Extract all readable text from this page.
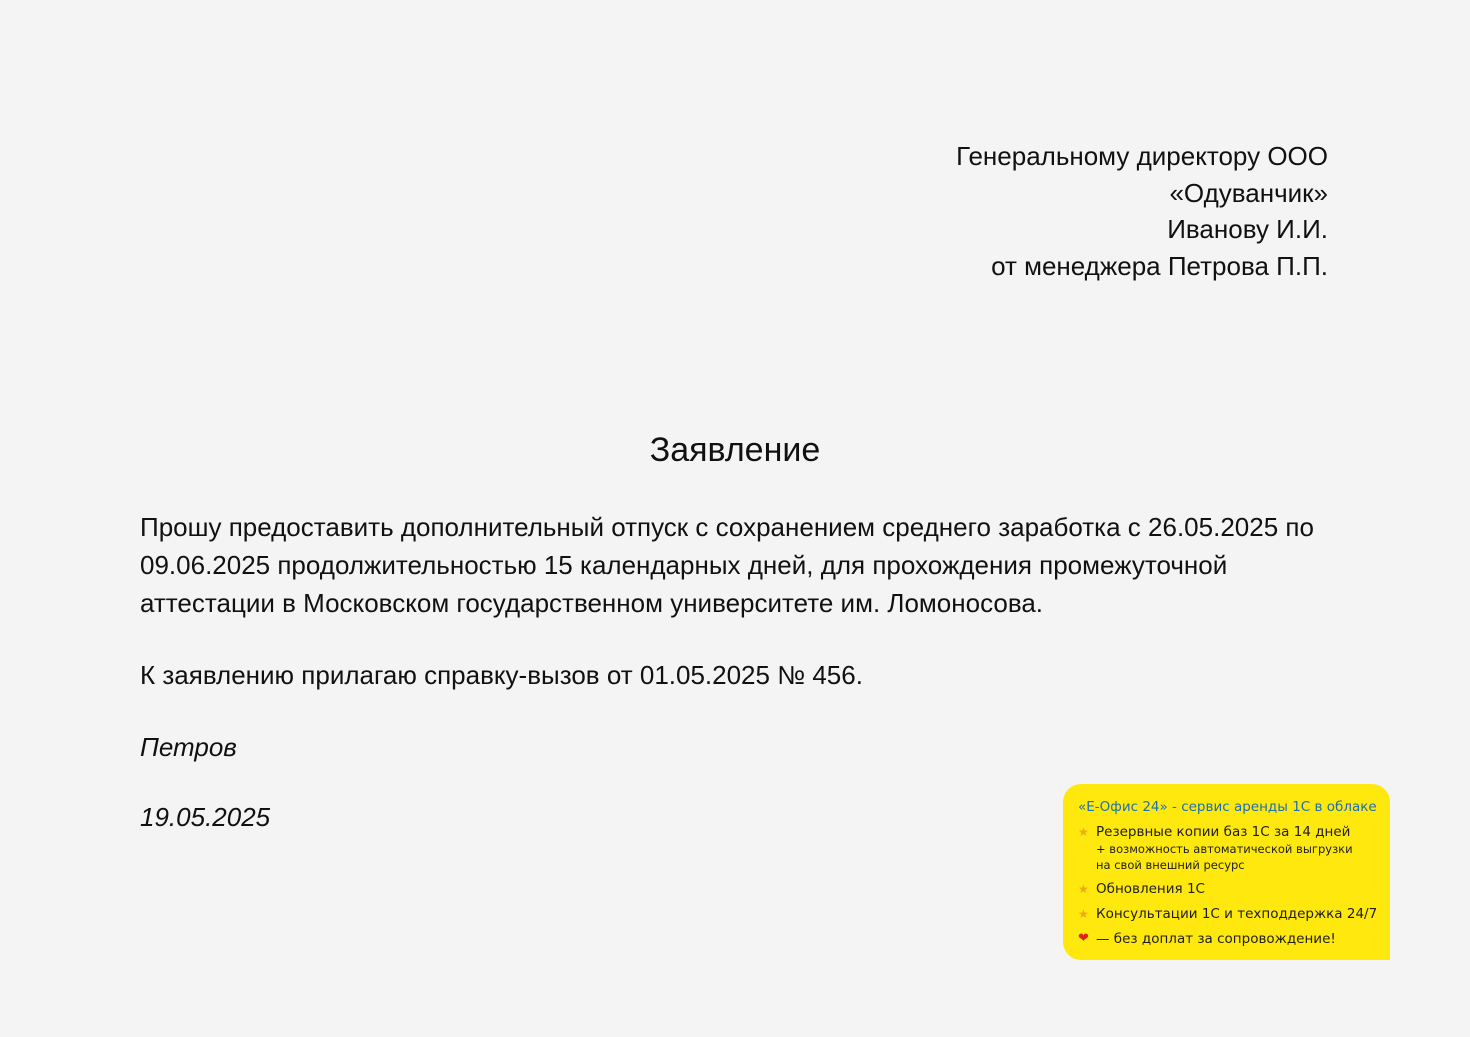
Генеральному директору ООО
«Одуванчик»
Иванову И.И.
от менеджера Петрова П.П.
Заявление

Прошу предоставить дополнительный отпуск с сохранением среднего заработка с 26.05.2025 по 09.06.2025 продолжительностью 15 календарных дней, для прохождения промежуточной аттестации в Московском государственном университете им. Ломоносова.

К заявлению прилагаю справку-вызов от 01.05.2025 № 456.
Петров
19.05.2025	«Е-Офис 24» - сервис аренды 1С в облаке
★ Резервные копии баз 1С за 14 дней
+ возможность автоматической выгрузки
на свой внешний ресурс
★ Обновления 1С
★ Консультации 1С и техподдержка 24/7
❤ — без доплат за сопровождение!
